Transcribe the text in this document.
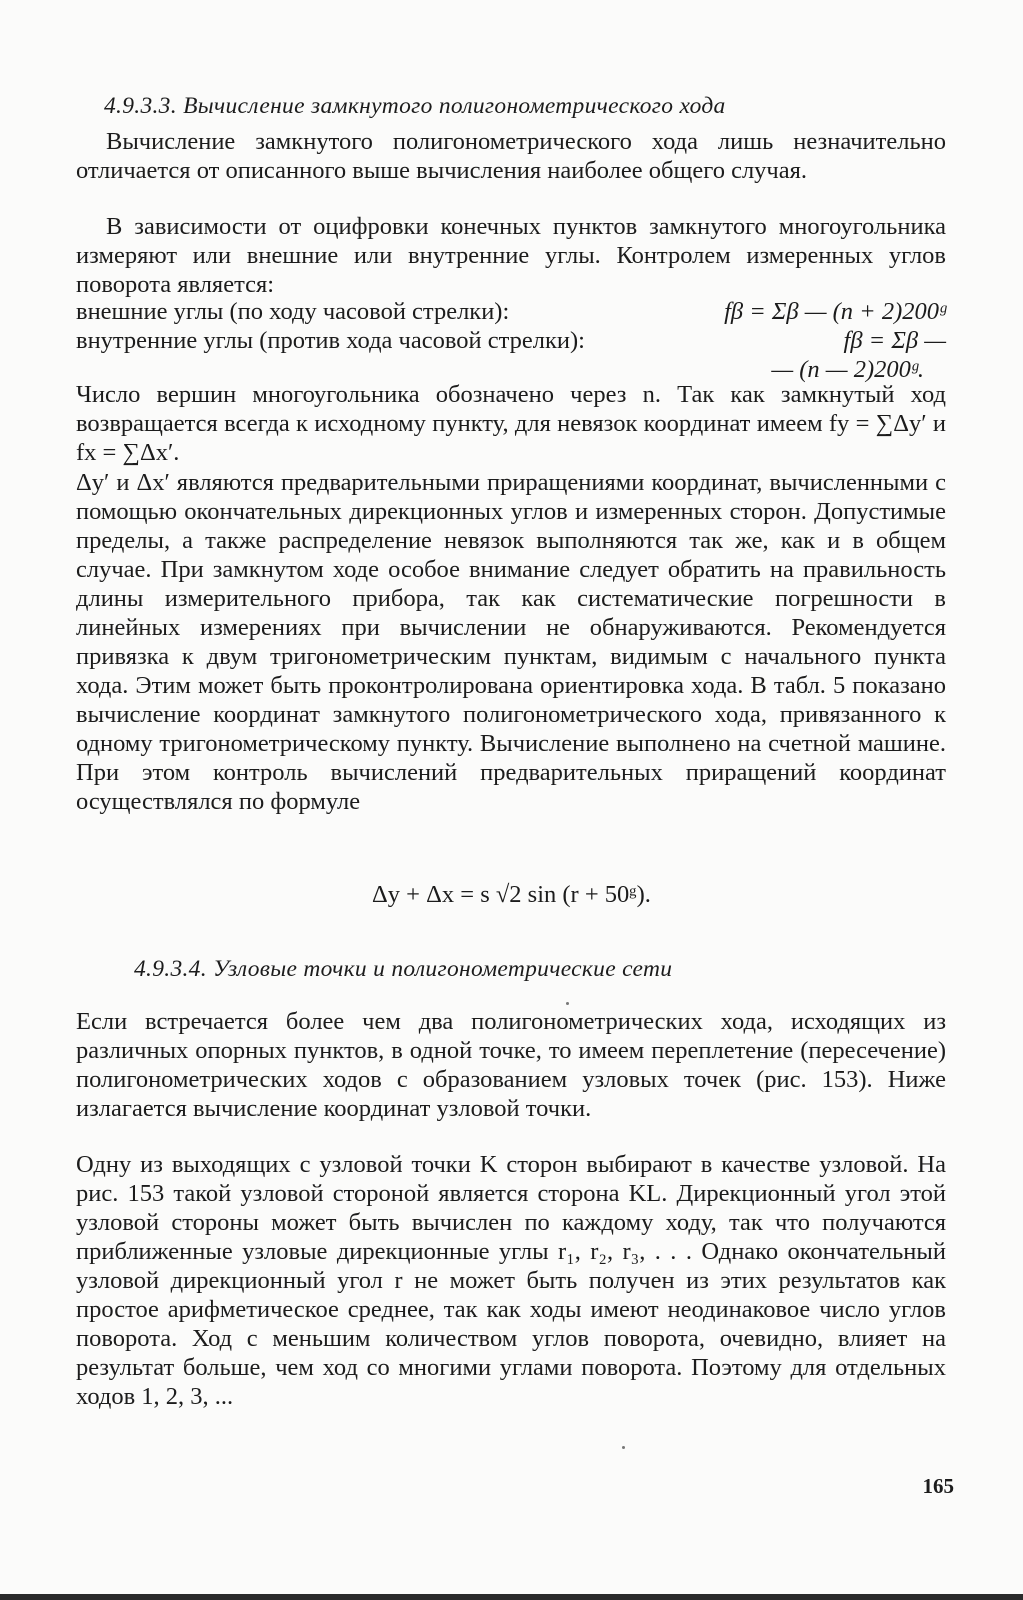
4.9.3.3. Вычисление замкнутого полигонометрического хода

Вычисление замкнутого полигонометрического хода лишь незначительно отличается от описанного выше вычисления наиболее общего случая.

В зависимости от оцифровки конечных пунктов замкнутого многоугольника измеряют или внешние или внутренние углы. Контролем измеренных углов поворота является:

внешние углы (по ходу часовой стрелки):	fβ = Σβ — (n + 2)200ᵍ
внутренние углы (против хода часовой стрелки):	fβ = Σβ —
— (n — 2)200ᵍ.

Число вершин многоугольника обозначено через n. Так как замкнутый ход возвращается всегда к исходному пункту, для невязок координат имеем fy = ∑Δy′ и fx = ∑Δx′.

Δy′ и Δx′ являются предварительными приращениями координат, вычисленными с помощью окончательных дирекционных углов и измеренных сторон. Допустимые пределы, а также распределение невязок выполняются так же, как и в общем случае. При замкнутом ходе особое внимание следует обратить на правильность длины измерительного прибора, так как систематические погрешности в линейных измерениях при вычислении не обнаруживаются. Рекомендуется привязка к двум тригонометрическим пунктам, видимым с начального пункта хода. Этим может быть проконтролирована ориентировка хода. В табл. 5 показано вычисление координат замкнутого полигонометрического хода, привязанного к одному тригонометрическому пункту. Вычисление выполнено на счетной машине. При этом контроль вычислений предварительных приращений координат осуществлялся по формуле

Δy + Δx = s √2 sin (r + 50ᵍ).
4.9.3.4. Узловые точки и полигонометрические сети

Если встречается более чем два полигонометрических хода, исходящих из различных опорных пунктов, в одной точке, то имеем переплетение (пересечение) полигонометрических ходов с образованием узловых точек (рис. 153). Ниже излагается вычисление координат узловой точки.

Одну из выходящих с узловой точки K сторон выбирают в качестве узловой. На рис. 153 такой узловой стороной является сторона KL. Дирекционный угол этой узловой стороны может быть вычислен по каждому ходу, так что получаются приближенные узловые дирекционные углы r₁, r₂, r₃, . . . Однако окончательный узловой дирекционный угол r не может быть получен из этих результатов как простое арифметическое среднее, так как ходы имеют неодинаковое число углов поворота. Ход с меньшим количеством углов поворота, очевидно, влияет на результат больше, чем ход со многими углами поворота. Поэтому для отдельных ходов 1, 2, 3, ...

165
